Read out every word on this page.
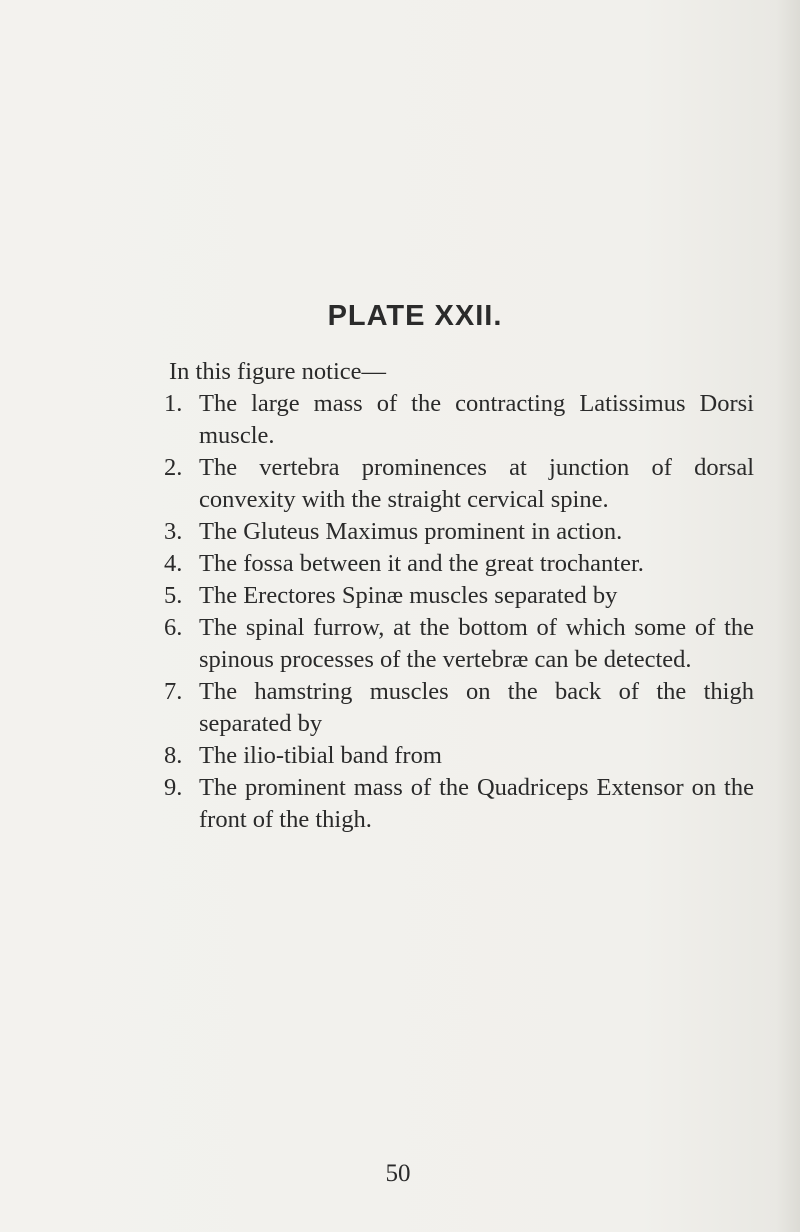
PLATE XXII.

In this figure notice—

1. The large mass of the contracting Latissimus Dorsi muscle.
2. The vertebra prominences at junction of dorsal convexity with the straight cervical spine.
3. The Gluteus Maximus prominent in action.
4. The fossa between it and the great trochanter.
5. The Erectores Spinæ muscles separated by
6. The spinal furrow, at the bottom of which some of the spinous processes of the vertebræ can be detected.
7. The hamstring muscles on the back of the thigh separated by
8. The ilio-tibial band from
9. The prominent mass of the Quadriceps Extensor on the front of the thigh.
50
